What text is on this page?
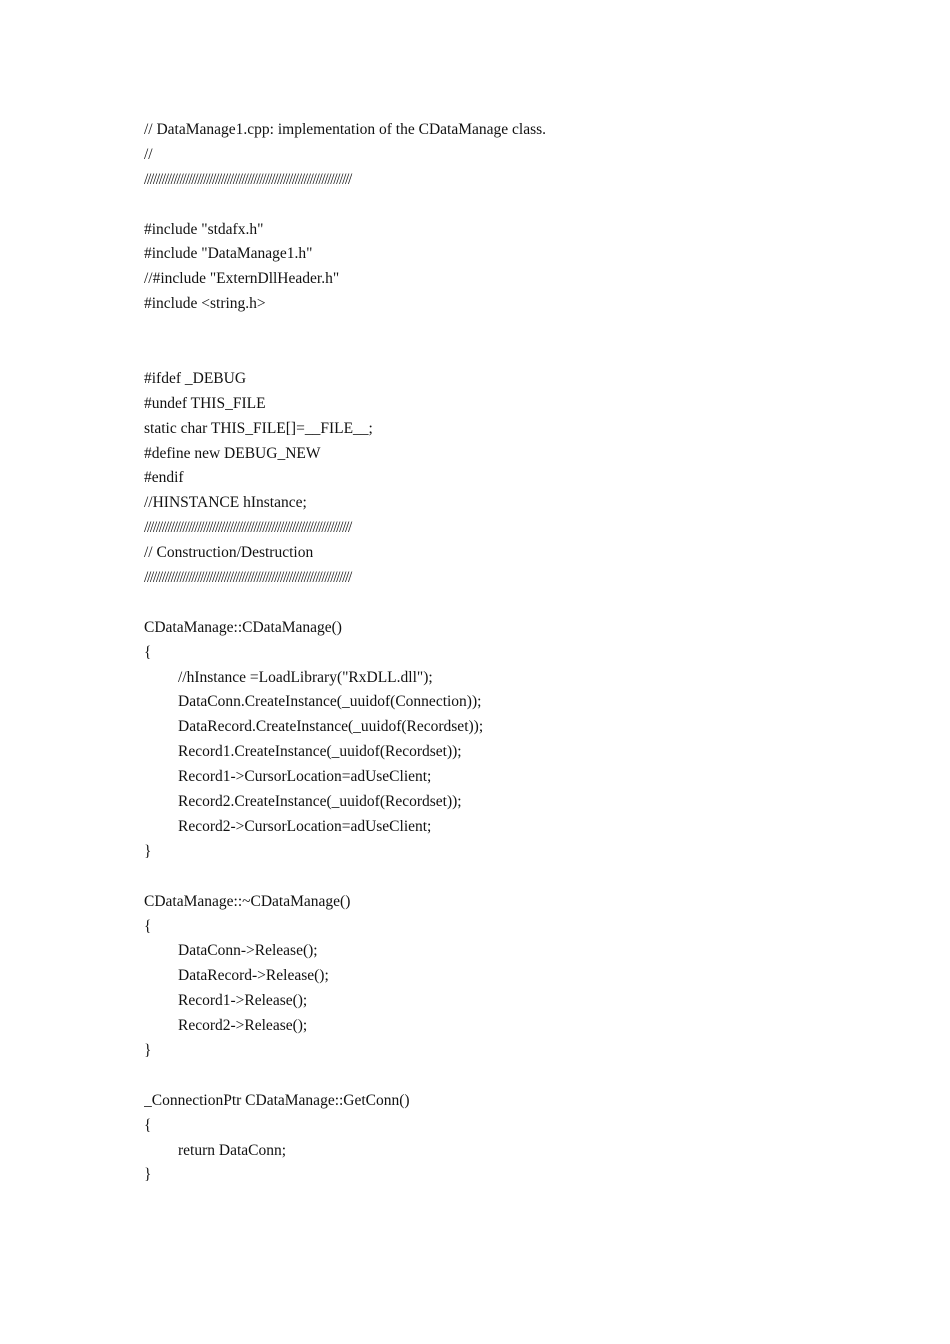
// DataManage1.cpp: implementation of the CDataManage class.
//
//////////////////////////////////////////////////////////////////////
#include "stdafx.h"
#include "DataManage1.h"
//#include "ExternDllHeader.h"
#include <string.h>
#ifdef _DEBUG
#undef THIS_FILE
static char THIS_FILE[]=__FILE__;
#define new DEBUG_NEW
#endif
//HINSTANCE hInstance;
//////////////////////////////////////////////////////////////////////
// Construction/Destruction
//////////////////////////////////////////////////////////////////////
CDataManage::CDataManage()
{
//hInstance =LoadLibrary("RxDLL.dll");
DataConn.CreateInstance(_uuidof(Connection));
DataRecord.CreateInstance(_uuidof(Recordset));
Record1.CreateInstance(_uuidof(Recordset));
Record1->CursorLocation=adUseClient;
Record2.CreateInstance(_uuidof(Recordset));
Record2->CursorLocation=adUseClient;
}
CDataManage::~CDataManage()
{
DataConn->Release();
DataRecord->Release();
Record1->Release();
Record2->Release();
}
_ConnectionPtr CDataManage::GetConn()
{
return DataConn;
}
